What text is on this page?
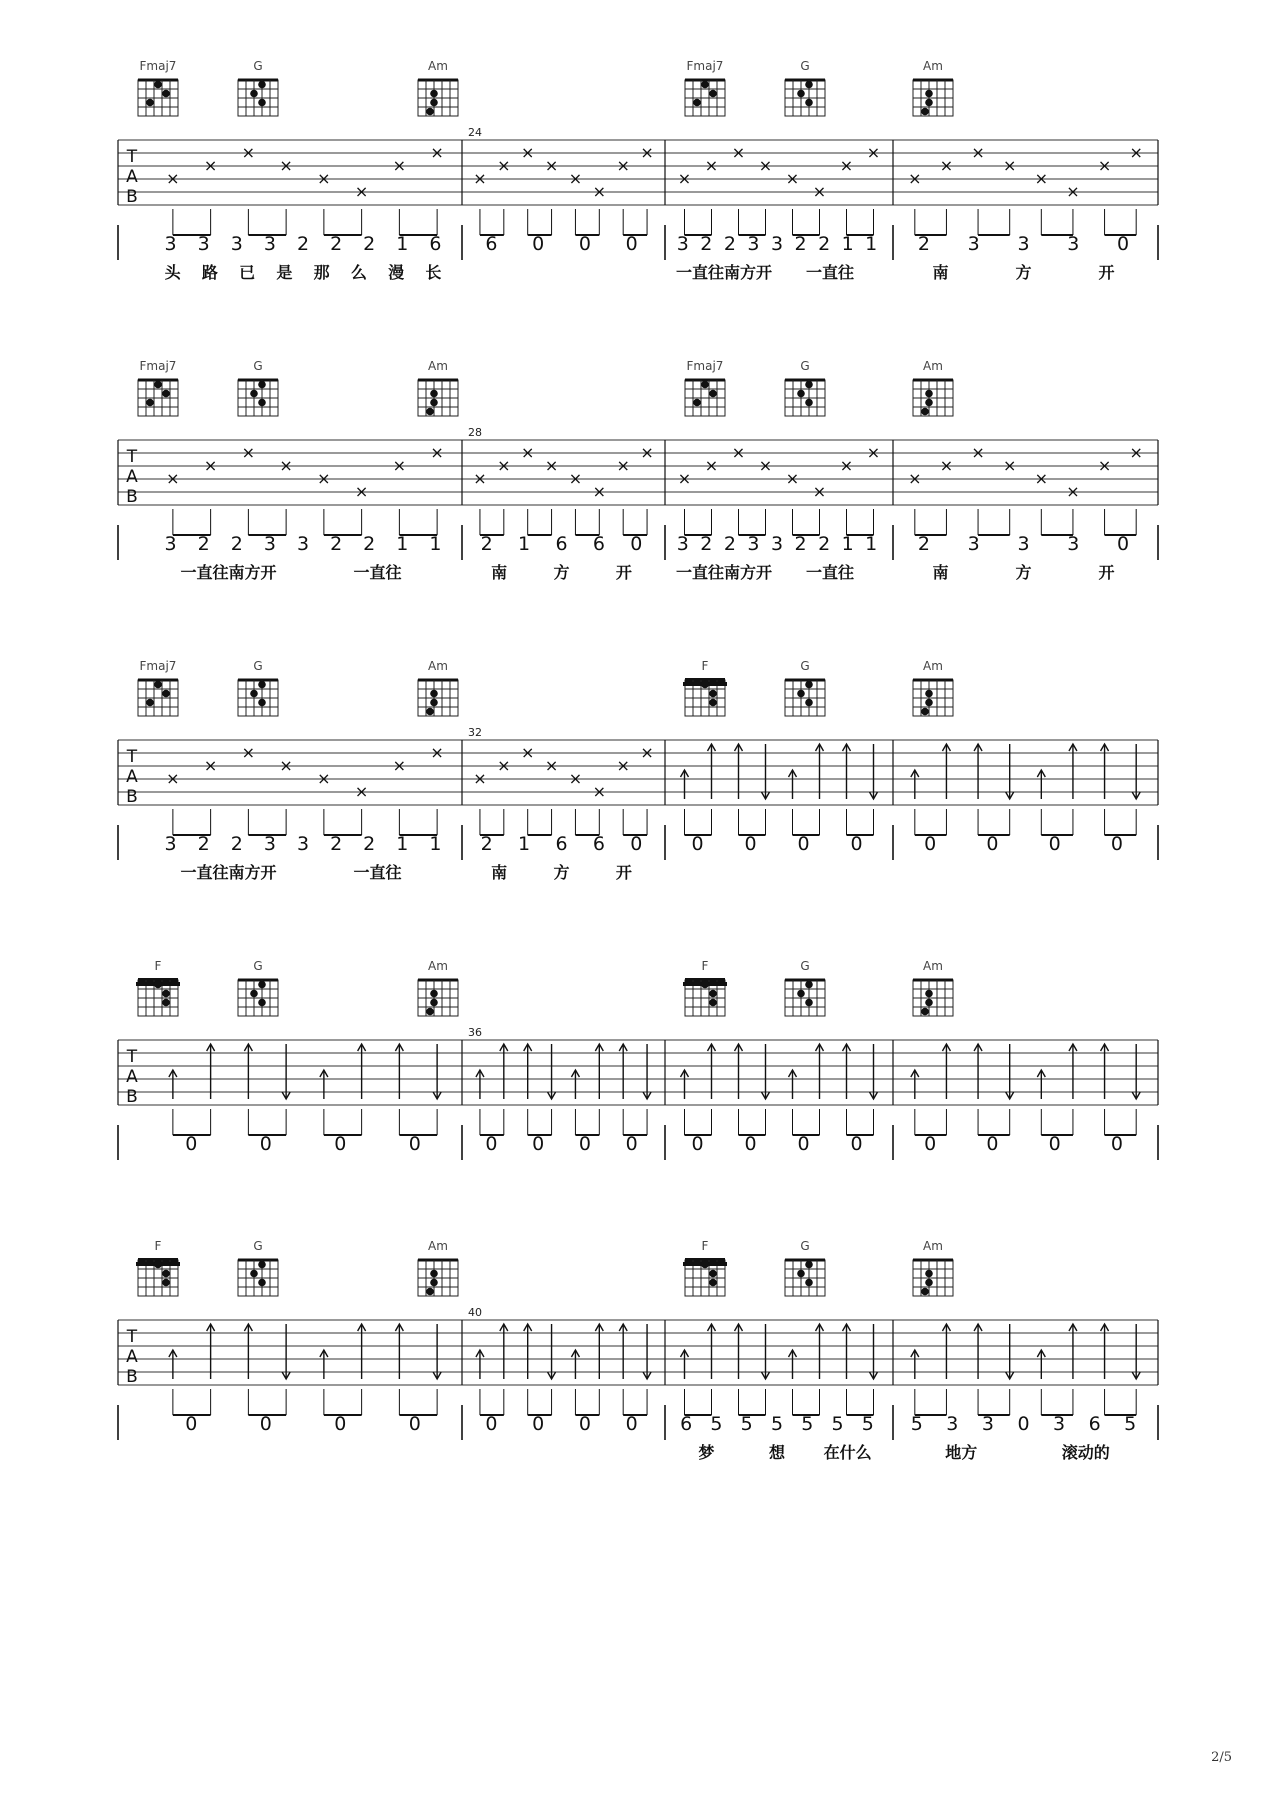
T
A
B
Fmaj7	G	Am
×
×
×
×
×
×
×
×
3 3 3 3 2 2 2 1 6
头 路 已 是 那 么 漫 长
24
×
×
×
×
×
×
×
×
6 0 0 0
Fmaj7	G
×
×
×
×
×
×
×
×
3 2 2 3 3 2 2 1 1
一直往南方开 一直往
Am
×
×
×
×
×
×
×
×
2 3 3 3 0
南	方	开
T
A
B
Fmaj7	G	Am
×
×
×
×
×
×
×
×
3 2 2 3 3 2 2 1 1
一直往南方开	一直往
28
×
×
×
×
×
×
×
×
2 1 6 6 0
南	方	开
Fmaj7	G
×
×
×
×
×
×
×
×
3 2 2 3 3 2 2 1 1
一直往南方开 一直往
Am
×
×
×
×
×
×
×
×
2 3 3 3 0
南	方	开
T
A
B
Fmaj7	G	Am
×
×
×
×
×
×
×
×
3 2 2 3 3 2 2 1 1
一直往南方开	一直往
32
×
×
×
×
×
×
×
×
2 1 6 6 0
南	方	开
F	G
0 0 0 0
Am
0	0	0	0
T
A
B
F	G	Am
0	0	0	0
36
0 0 0 0
F	G
0 0 0 0
Am
0	0	0	0
T
A
B
F	G	Am
0	0	0	0
40
0 0 0 0
F	G
6 5 5 5 5 5 5
梦	想 在什么
Am
5 3 3 0 3 6 5
地方	滚动的
2/5
